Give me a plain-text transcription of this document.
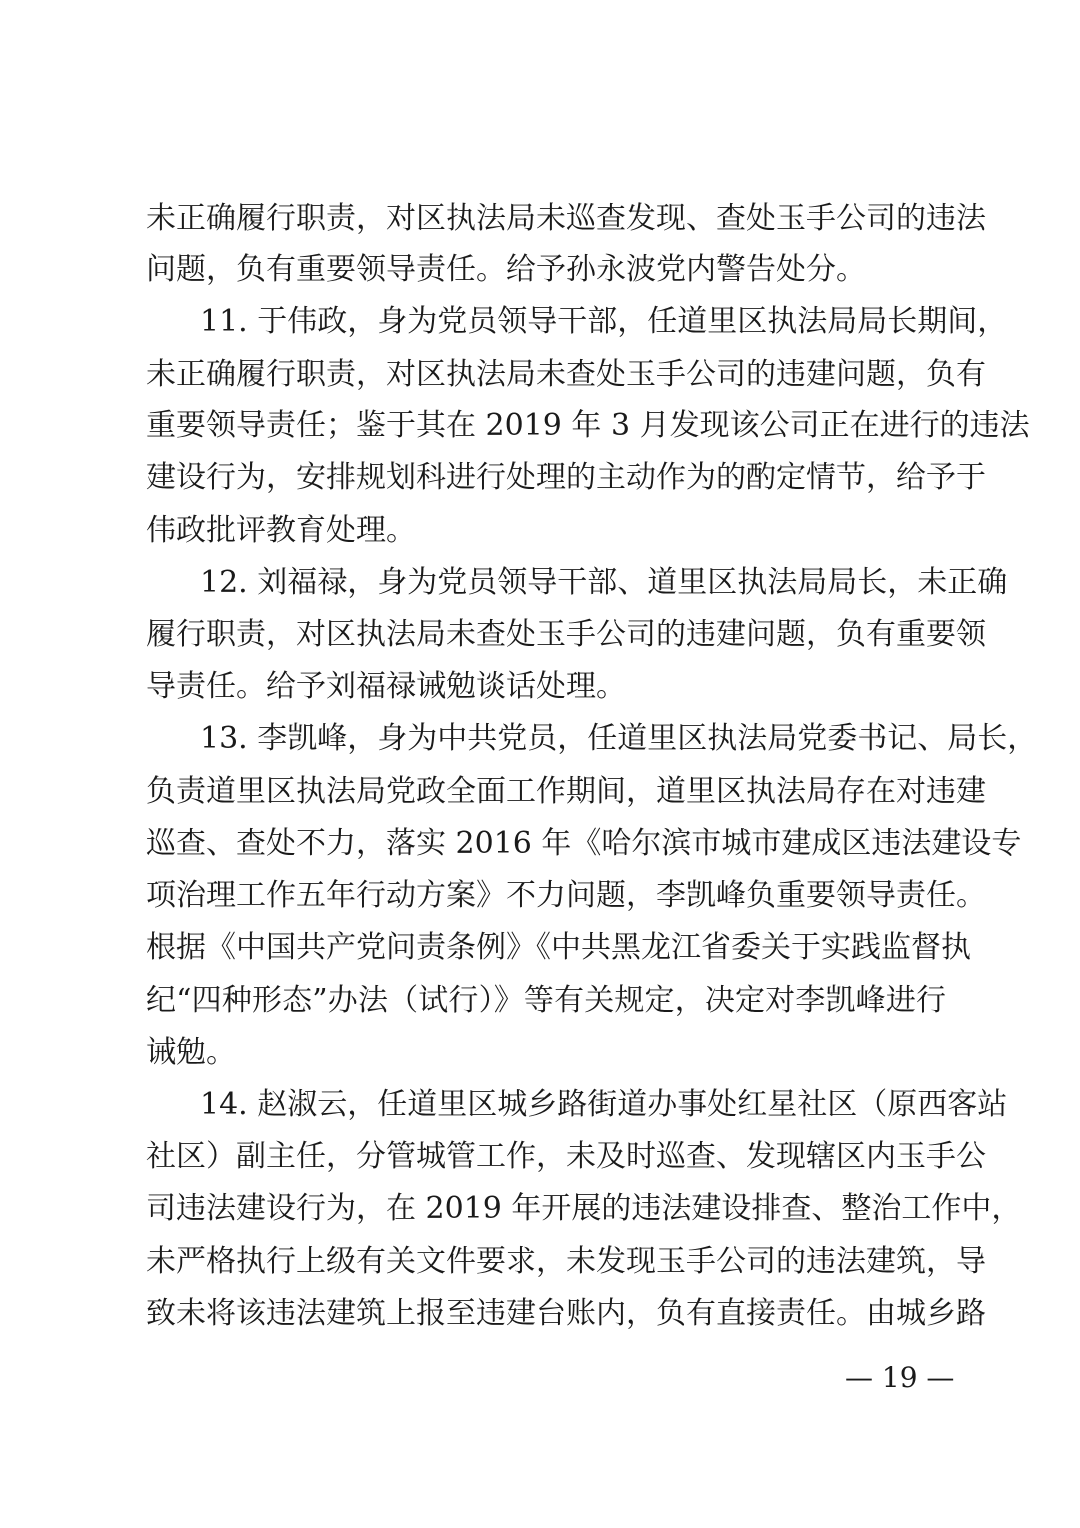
未正确履行职责，对区执法局未巡查发现、查处玉手公司的违法
问题，负有重要领导责任。给予孙永波党内警告处分。
11. 于伟政，身为党员领导干部，任道里区执法局局长期间，
未正确履行职责，对区执法局未查处玉手公司的违建问题，负有
重要领导责任；鉴于其在 2019 年 3 月发现该公司正在进行的违法
建设行为，安排规划科进行处理的主动作为的酌定情节，给予于
伟政批评教育处理。
12. 刘福禄，身为党员领导干部、道里区执法局局长，未正确
履行职责，对区执法局未查处玉手公司的违建问题，负有重要领
导责任。给予刘福禄诫勉谈话处理。
13. 李凯峰，身为中共党员，任道里区执法局党委书记、局长，
负责道里区执法局党政全面工作期间，道里区执法局存在对违建
巡查、查处不力，落实 2016 年《哈尔滨市城市建成区违法建设专
项治理工作五年行动方案》不力问题，李凯峰负重要领导责任。
根据《中国共产党问责条例》《中共黑龙江省委关于实践监督执
纪“四种形态”办法（试行）》等有关规定，决定对李凯峰进行
诫勉。
14. 赵淑云，任道里区城乡路街道办事处红星社区（原西客站
社区）副主任，分管城管工作，未及时巡查、发现辖区内玉手公
司违法建设行为，在 2019 年开展的违法建设排查、整治工作中，
未严格执行上级有关文件要求，未发现玉手公司的违法建筑，导
致未将该违法建筑上报至违建台账内，负有直接责任。由城乡路
— 19 —
